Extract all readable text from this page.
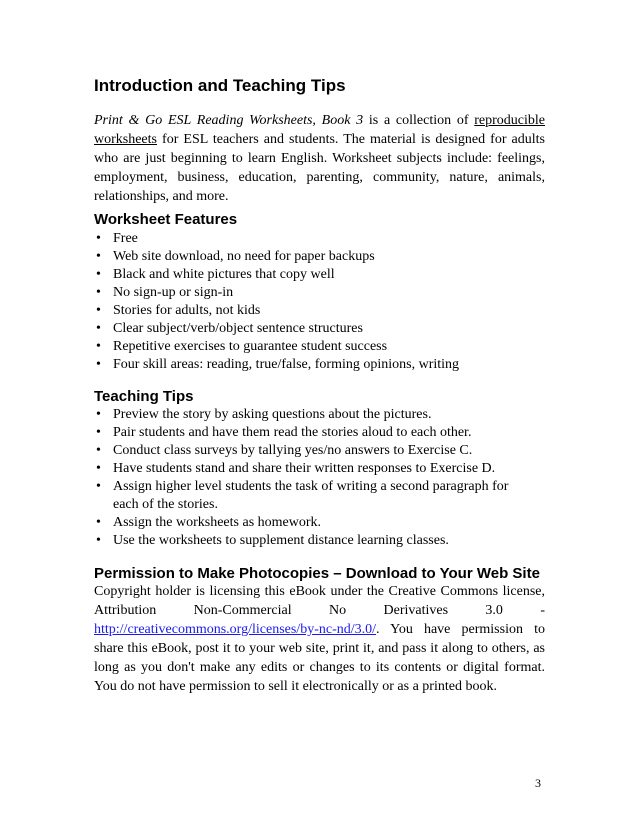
Introduction and Teaching Tips

Print & Go ESL Reading Worksheets, Book 3 is a collection of reproducible worksheets for ESL teachers and students. The material is designed for adults who are just beginning to learn English. Worksheet subjects include: feelings, employment, business, education, parenting, community, nature, animals, relationships, and more.

Worksheet Features
• Free
• Web site download, no need for paper backups
• Black and white pictures that copy well
• No sign-up or sign-in
• Stories for adults, not kids
• Clear subject/verb/object sentence structures
• Repetitive exercises to guarantee student success
• Four skill areas: reading, true/false, forming opinions, writing
Teaching Tips
• Preview the story by asking questions about the pictures.
• Pair students and have them read the stories aloud to each other.
• Conduct class surveys by tallying yes/no answers to Exercise C.
• Have students stand and share their written responses to Exercise D.
• Assign higher level students the task of writing a second paragraph for each of the stories.
• Assign the worksheets as homework.
• Use the worksheets to supplement distance learning classes.
Permission to Make Photocopies – Download to Your Web Site

Copyright holder is licensing this eBook under the Creative Commons license, Attribution Non-Commercial No Derivatives 3.0 - http://creativecommons.org/licenses/by-nc-nd/3.0/. You have permission to share this eBook, post it to your web site, print it, and pass it along to others, as long as you don't make any edits or changes to its contents or digital format. You do not have permission to sell it electronically or as a printed book.

3
